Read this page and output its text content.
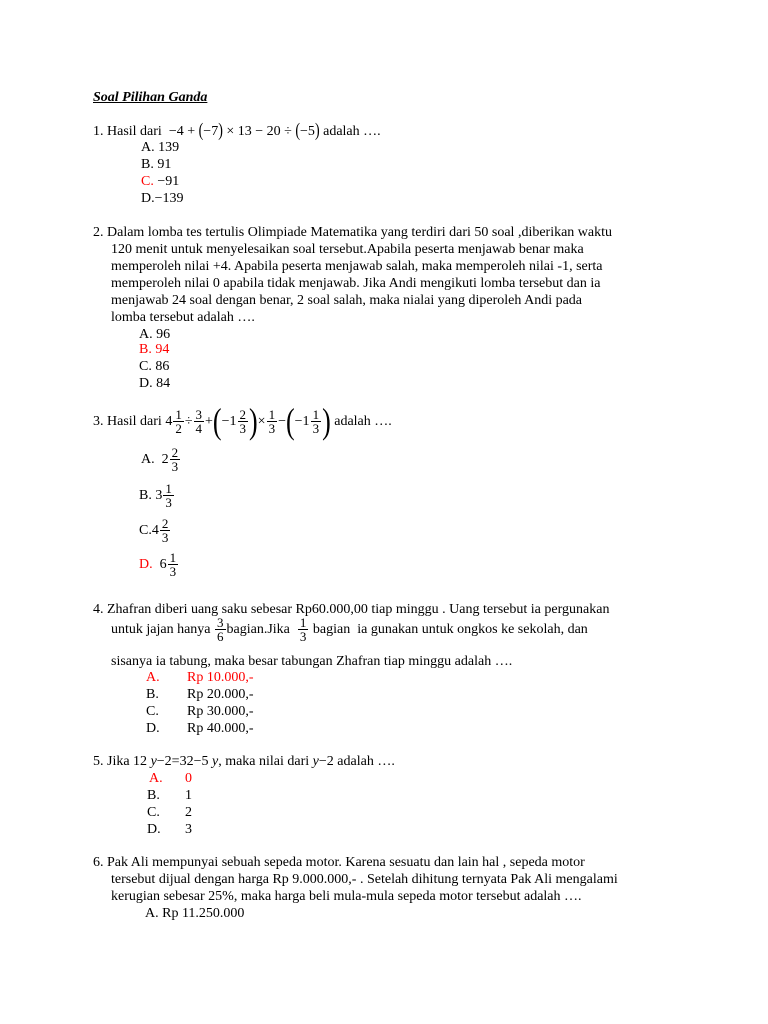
Soal Pilihan Ganda
1. Hasil dari −4 + (−7) × 13 − 20 ÷ (−5) adalah ….
A. 139
B. 91
C. −91
D.−139
2. Dalam lomba tes tertulis Olimpiade Matematika yang terdiri dari 50 soal ,diberikan waktu
120 menit untuk menyelesaikan soal tersebut.Apabila peserta menjawab benar maka
memperoleh nilai +4. Apabila peserta menjawab salah, maka memperoleh nilai -1, serta
memperoleh nilai 0 apabila tidak menjawab. Jika Andi mengikuti lomba tersebut dan ia
menjawab 24 soal dengan benar, 2 soal salah, maka nialai yang diperoleh Andi pada
lomba tersebut adalah ….
A. 96
B. 94
C. 86
D. 84
3. Hasil dari $4 \frac{1}{2} \div \frac{3}{4}$ + ( $-1 \frac{2}{3}$ ) × $\frac{1}{3}$ − ( $-1 \frac{1}{3}$ )
adalah ….
A.
$2 \frac{2}{3}$
B.
$3 \frac{1}{3}$
$C.4 \frac{2}{3}$
D.
$6 \frac{1}{3}$
4. Zhafran diberi uang saku sebesar Rp60.000,00 tiap minggu . Uang tersebut ia pergunakan
untuk jajan hanya
$\frac{3}{6}$ bagian.Jika
$\frac{1}{3}$ bagian  ia gunakan untuk ongkos ke sekolah, dan
sisanya ia tabung, maka besar tabungan Zhafran tiap minggu adalah ….
A. Rp 10.000,-
B. Rp 20.000,-
C. Rp 30.000,-
D. Rp 40.000,-
5. Jika 12 y−2=32−5 y, maka nilai dari y−2 adalah ….
A. 0
B. 1
C. 2
D. 3
6. Pak Ali mempunyai sebuah sepeda motor. Karena sesuatu dan lain hal , sepeda motor
tersebut dijual dengan harga Rp 9.000.000,- . Setelah dihitung ternyata Pak Ali mengalami
kerugian sebesar 25%, maka harga beli mula-mula sepeda motor tersebut adalah ….
A. Rp 11.250.000
